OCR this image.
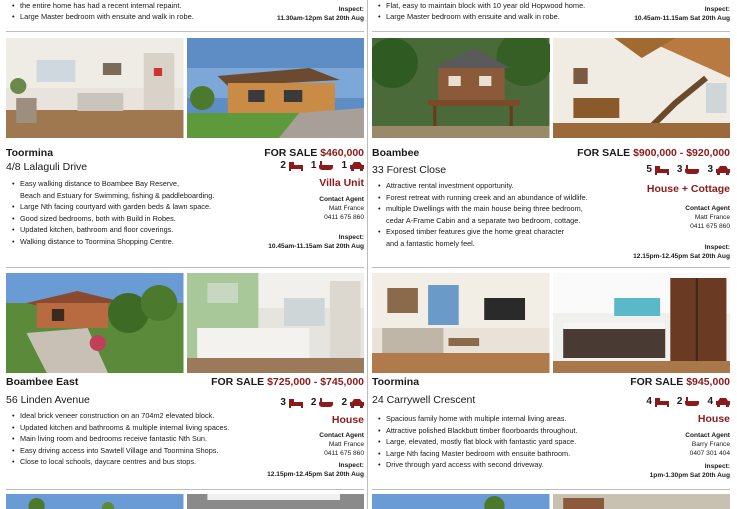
• the entire home has had a recent internal repaint.
• Large Master bedroom with ensuite and walk in robe.
Inspect:
11.30am-12pm Sat 20th Aug
Toormina
4/8 Lalaguli Drive
FOR SALE $460,000
2	1	1
Villa Unit
Contact Agent
Matt France
0411 675 860
Inspect:
10.45am-11.15am Sat 20th Aug
• Easy walking distance to Boambee Bay Reserve,
Beach and Estuary for Swimming, fishing & paddleboarding.
• Large Nth facing courtyard with garden beds & lawn space.
• Good sized bedrooms, both with Build in Robes.
• Updated kitchen, bathroom and floor coverings.
• Walking distance to Toormina Shopping Centre.
Boambee East
56 Linden Avenue
FOR SALE $725,000 - $745,000
3	2	2
House
Contact Agent
Matt France
0411 675 860
Inspect:
12.15pm-12.45pm Sat 20th Aug
• Ideal brick veneer construction on an 704m2 elevated block.
• Updated kitchen and bathrooms & multiple internal living spaces.
• Main living room and bedrooms receive fantastic Nth Sun.
• Easy driving access into Sawtell Village and Toormina Shops.
• Close to local schools, daycare centres and bus stops.
• Flat, easy to maintain block with 10 year old Hopwood home.
• Large Master bedroom with ensuite and walk in robe.
Inspect:
10.45am-11.15am Sat 20th Aug
Boambee
33 Forest Close
FOR SALE $900,000 - $920,000
5	3	3
House + Cottage
Contact Agent
Matt France
0411 675 860
Inspect:
12.15pm-12.45pm Sat 20th Aug
• Attractive rental investment opportunity.
• Forest retreat with running creek and an abundance of wildlife.
• multiple Dwellings with the main house being three bedroom,
cedar A-Frame Cabin and a separate two bedroom, cottage.
• Exposed timber features give the home great character
and a fantastic homely feel.
Toormina
24 Carrywell Crescent
FOR SALE $945,000
4	2	4
House
Contact Agent
Barry France
0407 301 404
Inspect:
1pm-1.30pm Sat 20th Aug
• Spacious family home with multiple internal living areas.
• Attractive polished Blackbutt timber floorboards throughout.
• Large, elevated, mostly flat block with fantastic yard space.
• Large Nth facing Master bedroom with ensuite bathroom.
• Drive through yard access with second driveway.
